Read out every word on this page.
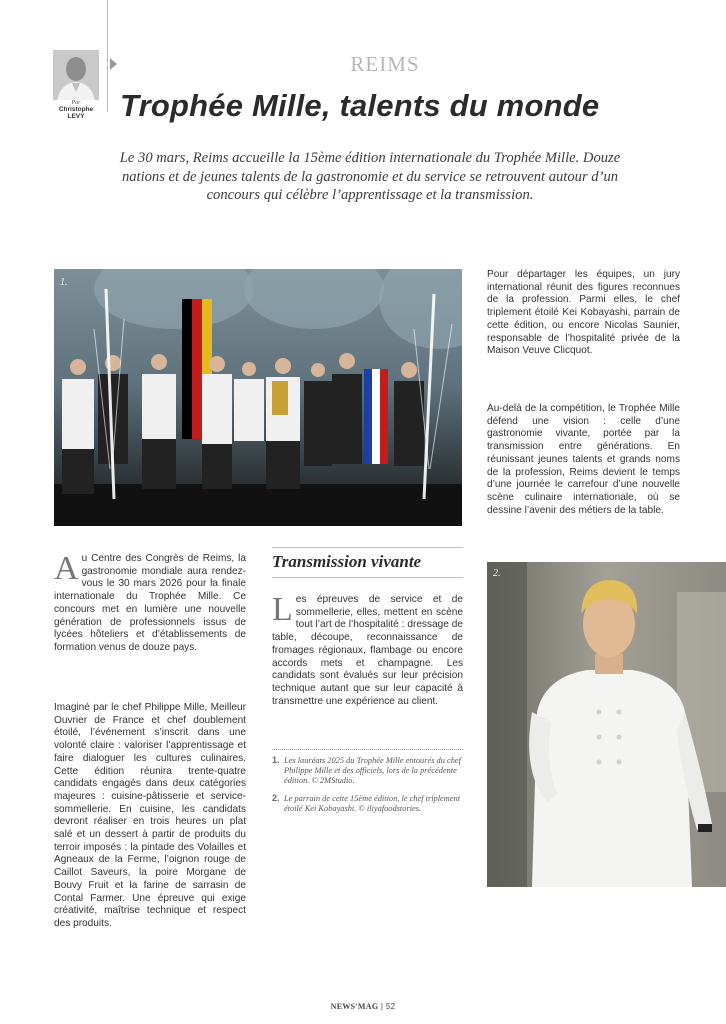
Par
Christophe
LEVY
REIMS
Trophée Mille, talents du monde

Le 30 mars, Reims accueille la 15ème édition internationale du Trophée Mille. Douze nations et de jeunes talents de la gastronomie et du service se retrouvent autour d’un concours qui célèbre l’apprentissage et la transmission.

1.

Pour départager les équipes, un jury international réunit des figures reconnues de la profession. Parmi elles, le chef triplement étoilé Kei Kobayashi, parrain de cette édition, ou encore Nicolas Saunier, responsable de l’hospitalité privée de la Maison Veuve Clicquot.

Au-delà de la compétition, le Trophée Mille défend une vision : celle d’une gastronomie vivante, portée par la transmission entre générations. En réunissant jeunes talents et grands noms de la profession, Reims devient le temps d’une journée le carrefour d’une nouvelle scène culinaire internationale, où se dessine l’avenir des métiers de la table.

Au Centre des Congrès de Reims, la gastronomie mondiale aura rendez-vous le 30 mars 2026 pour la finale internationale du Trophée Mille. Ce concours met en lumière une nouvelle génération de professionnels issus de lycées hôteliers et d’établissements de formation venus de douze pays.

Imaginé par le chef Philippe Mille, Meilleur Ouvrier de France et chef doublement étoilé, l’événement s’inscrit dans une volonté claire : valoriser l’apprentissage et faire dialoguer les cultures culinaires. Cette édition réunira trente-quatre candidats engagés dans deux catégories majeures : cuisine-pâtisserie et service-sommellerie. En cuisine, les candidats devront réaliser en trois heures un plat salé et un dessert à partir de produits du terroir imposés : la pintade des Volailles et Agneaux de la Ferme, l’oignon rouge de Caillot Saveurs, la poire Morgane de Bouvy Fruit et la farine de sarrasin de Contal Farmer. Une épreuve qui exige créativité, maîtrise technique et respect des produits.

Transmission vivante

Les épreuves de service et de sommellerie, elles, mettent en scène tout l’art de l’hospitalité : dressage de table, découpe, reconnaissance de fromages régionaux, flambage ou encore accords mets et champagne. Les candidats sont évalués sur leur précision technique autant que sur leur capacité à transmettre une expérience au client.

1. Les lauréats 2025 du Trophée Mille entourés du chef Philippe Mille et des officiels, lors de la précédente édition. © 2MStudio.
2. Le parrain de cette 15ème édition, le chef triplement étoilé Kei Kobayashi. © iliyafoodstories.
2.
NEWS'MAG | 52
